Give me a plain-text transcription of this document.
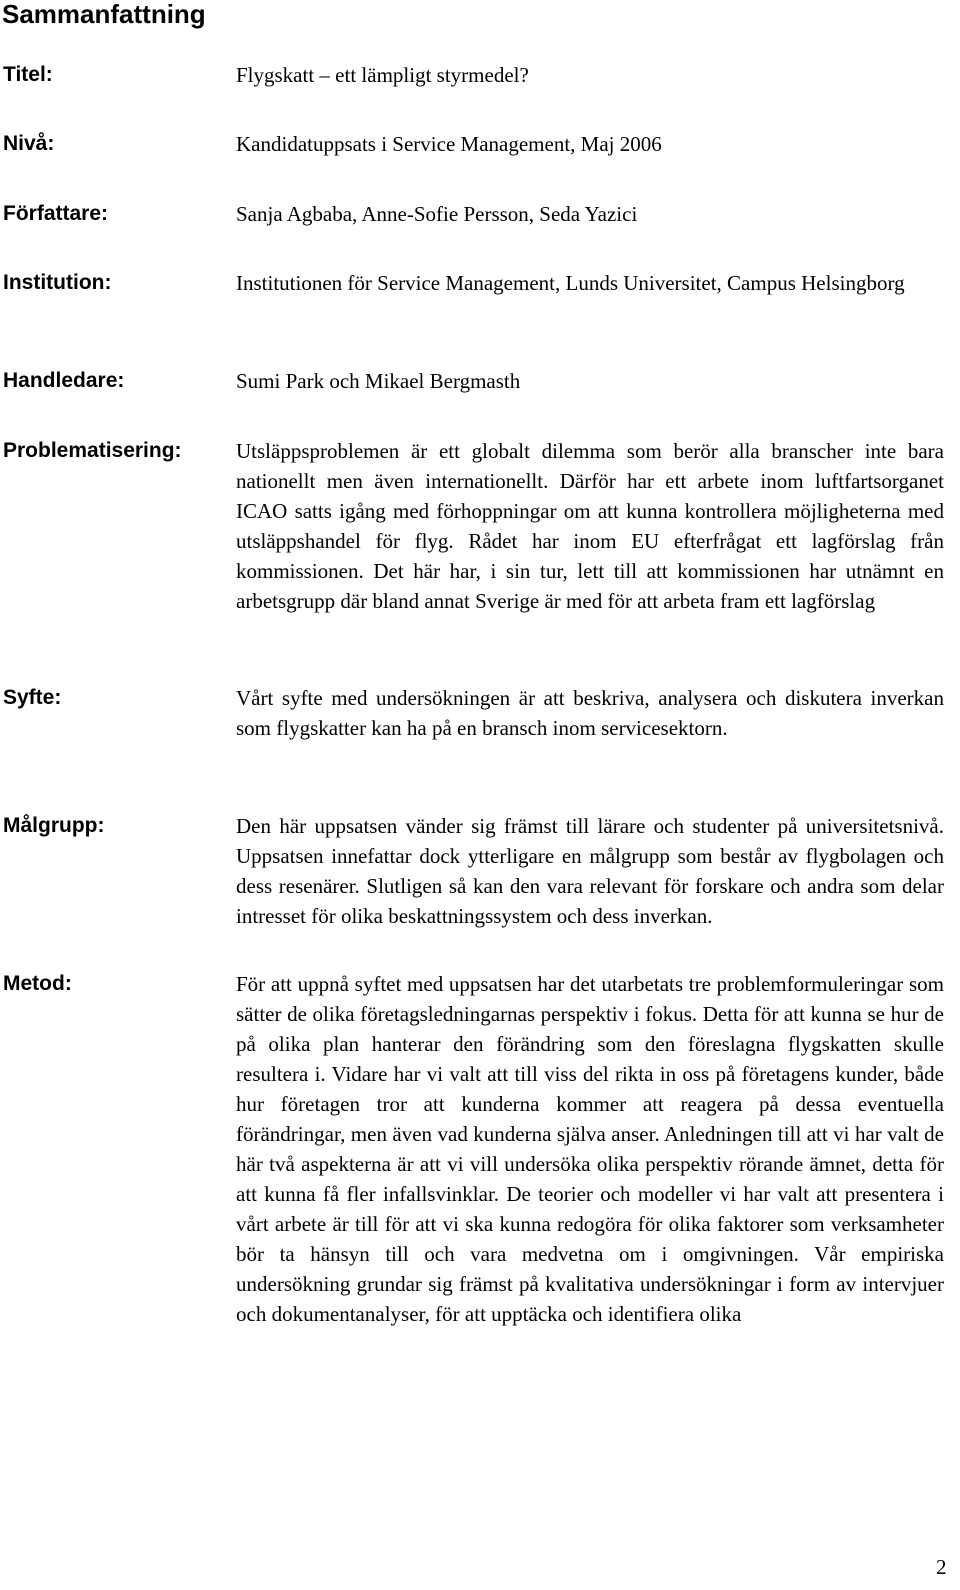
Sammanfattning
Titel:	Flygskatt – ett lämpligt styrmedel?
Nivå:	Kandidatuppsats i Service Management, Maj 2006
Författare:	Sanja Agbaba, Anne-Sofie Persson, Seda Yazici
Institution:	Institutionen för Service Management, Lunds Universitet, Campus Helsingborg
Handledare:	Sumi Park och Mikael Bergmasth
Problematisering:	Utsläppsproblemen är ett globalt dilemma som berör alla branscher inte bara nationellt men även internationellt. Därför har ett arbete inom luftfartsorganet ICAO satts igång med förhoppningar om att kunna kontrollera möjligheterna med utsläppshandel för flyg. Rådet har inom EU efterfrågat ett lagförslag från kommissionen. Det här har, i sin tur, lett till att kommissionen har utnämnt en arbetsgrupp där bland annat Sverige är med för att arbeta fram ett lagförslag
Syfte:	Vårt syfte med undersökningen är att beskriva, analysera och diskutera inverkan som flygskatter kan ha på en bransch inom servicesektorn.
Målgrupp:	Den här uppsatsen vänder sig främst till lärare och studenter på universitetsnivå. Uppsatsen innefattar dock ytterligare en målgrupp som består av flygbolagen och dess resenärer. Slutligen så kan den vara relevant för forskare och andra som delar intresset för olika beskattningssystem och dess inverkan.
Metod:	För att uppnå syftet med uppsatsen har det utarbetats tre problemformuleringar som sätter de olika företagsledningarnas perspektiv i fokus. Detta för att kunna se hur de på olika plan hanterar den förändring som den föreslagna flygskatten skulle resultera i. Vidare har vi valt att till viss del rikta in oss på företagens kunder, både hur företagen tror att kunderna kommer att reagera på dessa eventuella förändringar, men även vad kunderna själva anser. Anledningen till att vi har valt de här två aspekterna är att vi vill undersöka olika perspektiv rörande ämnet, detta för att kunna få fler infallsvinklar. De teorier och modeller vi har valt att presentera i vårt arbete är till för att vi ska kunna redogöra för olika faktorer som verksamheter bör ta hänsyn till och vara medvetna om i omgivningen. Vår empiriska undersökning grundar sig främst på kvalitativa undersökningar i form av intervjuer och dokumentanalyser, för att upptäcka och identifiera olika
2
